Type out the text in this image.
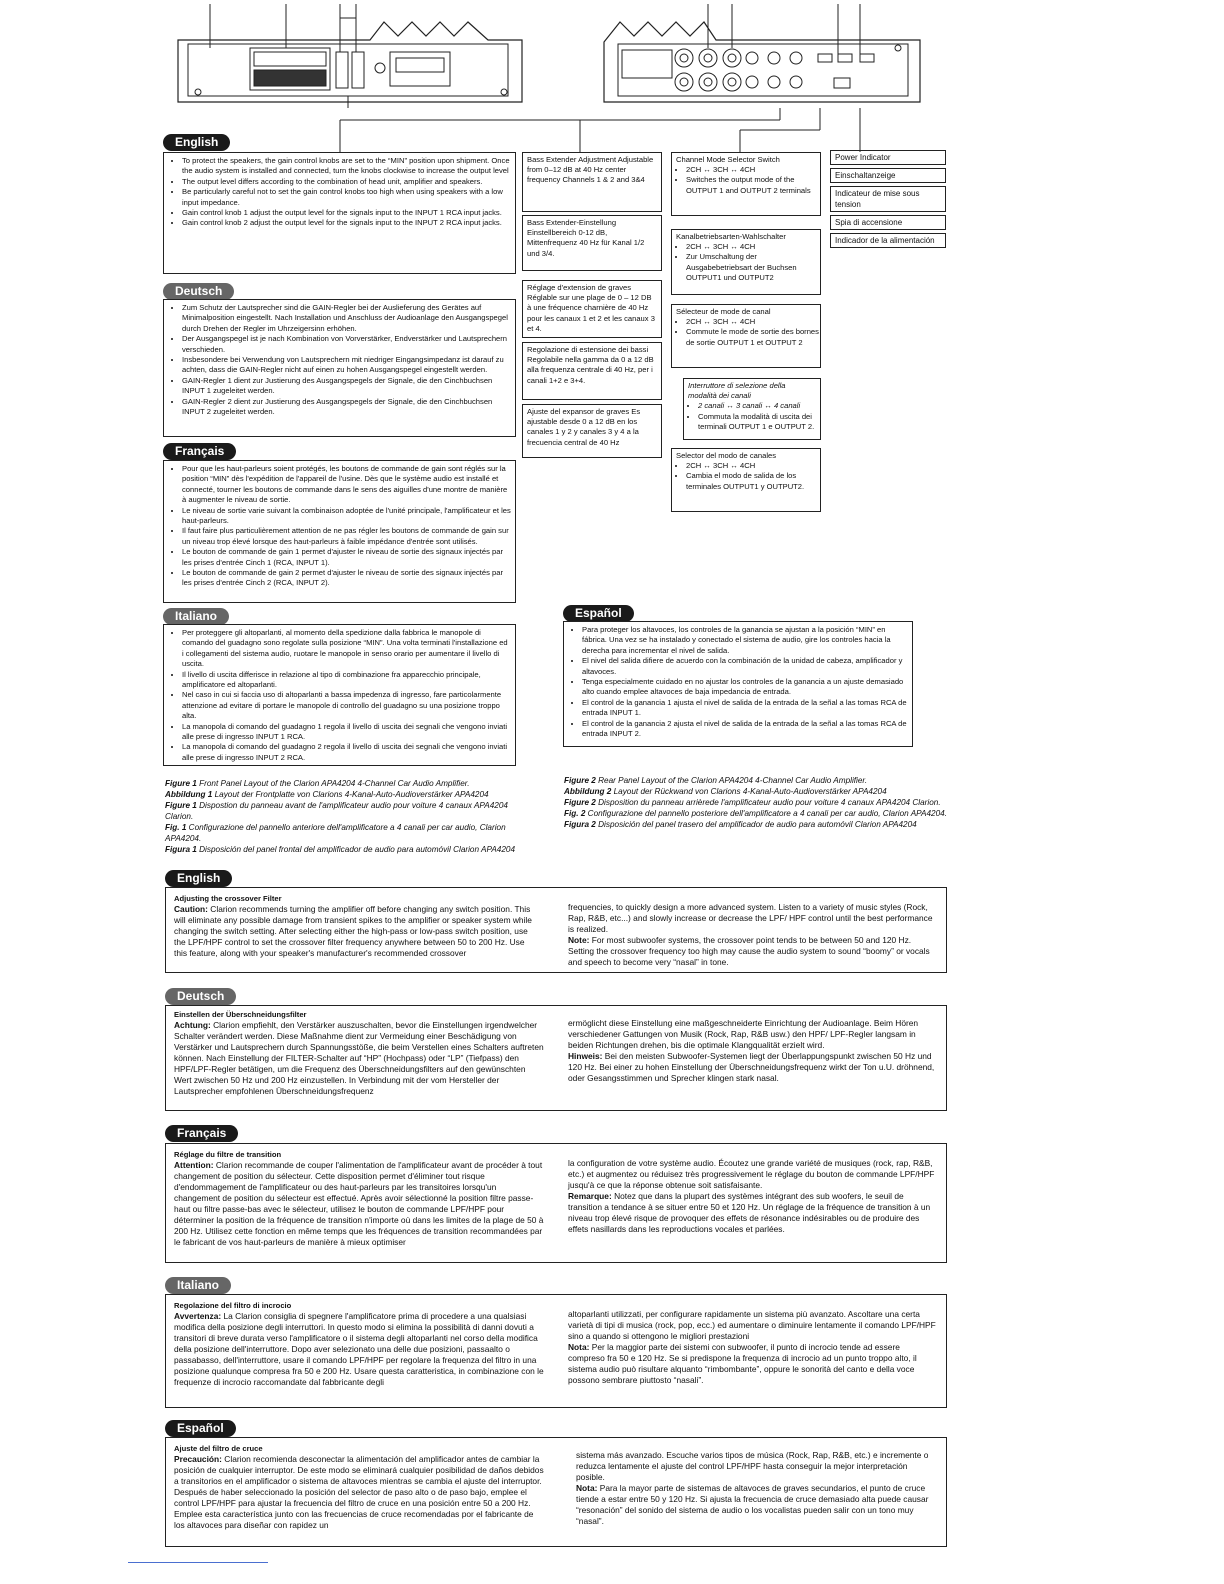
English
• To protect the speakers, the gain control knobs are set to the “MIN” position upon shipment. Once the audio system is installed and connected, turn the knobs clockwise to increase the output level
• The output level differs according to the combination of head unit, amplifier and speakers.
• Be particularly careful not to set the gain control knobs too high when using speakers with a low input impedance.
• Gain control knob 1 adjust the output level for the signals input to the INPUT 1 RCA input jacks.
• Gain control knob 2 adjust the output level for the signals input to the INPUT 2 RCA input jacks.
Deutsch
• Zum Schutz der Lautsprecher sind die GAIN-Regler bei der Auslieferung des Gerätes auf Minimalposition eingestellt. Nach Installation und Anschluss der Audioanlage den Ausgangspegel durch Drehen der Regler im Uhrzeigersinn erhöhen.
• Der Ausgangspegel ist je nach Kombination von Vorverstärker, Endverstärker und Lautsprechern verschieden.
• Insbesondere bei Verwendung von Lautsprechern mit niedriger Eingangsimpedanz ist darauf zu achten, dass die GAIN-Regler nicht auf einen zu hohen Ausgangspegel eingestellt werden.
• GAIN-Regler 1 dient zur Justierung des Ausgangspegels der Signale, die den Cinchbuchsen INPUT 1 zugeleitet werden.
• GAIN-Regler 2 dient zur Justierung des Ausgangspegels der Signale, die den Cinchbuchsen INPUT 2 zugeleitet werden.
Français
• Pour que les haut-parleurs soient protégés, les boutons de commande de gain sont réglés sur la position “MIN” dès l'expédition de l'appareil de l'usine. Dès que le système audio est installé et connecté, tourner les boutons de commande dans le sens des aiguilles d'une montre de manière à augmenter le niveau de sortie.
• Le niveau de sortie varie suivant la combinaison adoptée de l'unité principale, l'amplificateur et les haut-parleurs.
• Il faut faire plus particulièrement attention de ne pas régler les boutons de commande de gain sur un niveau trop élevé lorsque des haut-parleurs à faible impédance d'entrée sont utilisés.
• Le bouton de commande de gain 1 permet d'ajuster le niveau de sortie des signaux injectés par les prises d'entrée Cinch 1 (RCA, INPUT 1).
• Le bouton de commande de gain 2 permet d'ajuster le niveau de sortie des signaux injectés par les prises d'entrée Cinch 2 (RCA, INPUT 2).
Italiano
• Per proteggere gli altoparlanti, al momento della spedizione dalla fabbrica le manopole di comando del guadagno sono regolate sulla posizione “MIN”. Una volta terminati l'installazione ed i collegamenti del sistema audio, ruotare le manopole in senso orario per aumentare il livello di uscita.
• Il livello di uscita differisce in relazione al tipo di combinazione fra apparecchio principale, amplificatore ed altoparlanti.
• Nel caso in cui si faccia uso di altoparlanti a bassa impedenza di ingresso, fare particolarmente attenzione ad evitare di portare le manopole di controllo del guadagno su una posizione troppo alta.
• La manopola di comando del guadagno 1 regola il livello di uscita dei segnali che vengono inviati alle prese di ingresso INPUT 1 RCA.
• La manopola di comando del guadagno 2 regola il livello di uscita dei segnali che vengono inviati alle prese di ingresso INPUT 2 RCA.
Español
• Para proteger los altavoces, los controles de la ganancia se ajustan a la posición “MIN” en fábrica. Una vez se ha instalado y conectado el sistema de audio, gire los controles hacia la derecha para incrementar el nivel de salida.
• El nivel del salida difiere de acuerdo con la combinación de la unidad de cabeza, amplificador y altavoces.
• Tenga especialmente cuidado en no ajustar los controles de la ganancia a un ajuste demasiado alto cuando emplee altavoces de baja impedancia de entrada.
• El control de la ganancia 1 ajusta el nivel de salida de la entrada de la señal a las tomas RCA de entrada INPUT 1.
• El control de la ganancia 2 ajusta el nivel de salida de la entrada de la señal a las tomas RCA de entrada INPUT 2.
Bass Extender Adjustment Adjustable from 0–12 dB at 40 Hz center frequency Channels 1 & 2 and 3&4
Bass Extender-Einstellung Einstellbereich 0-12 dB, Mittenfrequenz 40 Hz für Kanal 1/2 und 3/4.
Réglage d'extension de graves Réglable sur une plage de 0 – 12 DB à une fréquence charnière de 40 Hz pour les canaux 1 et 2 et les canaux 3 et 4.
Regolazione di estensione dei bassi Regolabile nella gamma da 0 a 12 dB alla frequenza centrale di 40 Hz, per i canali 1+2 e 3+4.
Ajuste del expansor de graves Es ajustable desde 0 a 12 dB en los canales 1 y 2 y canales 3 y 4 a la frecuencia central de 40 Hz
Channel Mode Selector Switch
• 2CH ↔ 3CH ↔ 4CH
• Switches the output mode of the OUTPUT 1 and OUTPUT 2 terminals
Kanalbetriebsarten-Wahlschalter
• 2CH ↔ 3CH ↔ 4CH
• Zur Umschaltung der Ausgabebetriebsart der Buchsen OUTPUT1 und OUTPUT2
Sélecteur de mode de canal
• 2CH ↔ 3CH ↔ 4CH
• Commute le mode de sortie des bornes de sortie OUTPUT 1 et OUTPUT 2
Interruttore di selezione della modalità dei canali
• 2 canali ↔ 3 canali ↔ 4 canali
• Commuta la modalità di uscita dei terminali OUTPUT 1 e OUTPUT 2.
Selector del modo de canales
• 2CH ↔ 3CH ↔ 4CH
• Cambia el modo de salida de los terminales OUTPUT1 y OUTPUT2.
Power Indicator
Einschaltanzeige
Indicateur de mise sous tension
Spia di accensione
Indicador de la alimentación
Figure 1 Front Panel Layout of the Clarion APA4204 4-Channel Car Audio Amplifier.
Abbildung 1 Layout der Frontplatte von Clarions 4-Kanal-Auto-Audioverstärker APA4204
Figure 1 Dispostion du panneau avant de l'amplificateur audio pour voiture 4 canaux APA4204 Clarion.
Fig. 1 Configurazione del pannello anteriore dell'amplificatore a 4 canali per car audio, Clarion APA4204.
Figura 1 Disposición del panel frontal del amplificador de audio para automóvil Clarion APA4204
Figure 2 Rear Panel Layout of the Clarion APA4204 4-Channel Car Audio Amplifier.
Abbildung 2 Layout der Rückwand von Clarions 4-Kanal-Auto-Audioverstärker APA4204
Figure 2 Disposition du panneau arrièrede l'amplificateur audio pour voiture 4 canaux APA4204 Clarion.
Fig. 2 Configurazione del pannello posteriore dell'amplificatore a 4 canali per car audio, Clarion APA4204.
Figura 2 Disposición del panel trasero del amplificador de audio para automóvil Clarion APA4204
English
Adjusting the crossover Filter
Caution: Clarion recommends turning the amplifier off before changing any switch position. This will eliminate any possible damage from transient spikes to the amplifier or speaker system while changing the switch setting. After selecting either the high-pass or low-pass switch position, use the LPF/HPF control to set the crossover filter frequency anywhere between 50 to 200 Hz. Use this feature, along with your speaker's manufacturer's recommended crossover
frequencies, to quickly design a more advanced system. Listen to a variety of music styles (Rock, Rap, R&B, etc...) and slowly increase or decrease the LPF/ HPF control until the best performance is realized.
Note: For most subwoofer systems, the crossover point tends to be between 50 and 120 Hz. Setting the crossover frequency too high may cause the audio system to sound “boomy” or vocals and speech to become very “nasal” in tone.
Deutsch
Einstellen der Überschneidungsfilter
Achtung: Clarion empfiehlt, den Verstärker auszuschalten, bevor die Einstellungen irgendwelcher Schalter verändert werden. Diese Maßnahme dient zur Vermeidung einer Beschädigung von Verstärker und Lautsprechern durch Spannungsstöße, die beim Verstellen eines Schalters auftreten können. Nach Einstellung der FILTER-Schalter auf “HP” (Hochpass) oder “LP” (Tiefpass) den HPF/LPF-Regler betätigen, um die Frequenz des Überschneidungsfilters auf den gewünschten Wert zwischen 50 Hz und 200 Hz einzustellen. In Verbindung mit der vom Hersteller der Lautsprecher empfohlenen Überschneidungsfrequenz
ermöglicht diese Einstellung eine maßgeschneiderte Einrichtung der Audioanlage. Beim Hören verschiedener Gattungen von Musik (Rock, Rap, R&B usw.) den HPF/ LPF-Regler langsam in beiden Richtungen drehen, bis die optimale Klangqualität erzielt wird.
Hinweis: Bei den meisten Subwoofer-Systemen liegt der Überlappungspunkt zwischen 50 Hz und 120 Hz. Bei einer zu hohen Einstellung der Überschneidungsfrequenz wirkt der Ton u.U. dröhnend, oder Gesangsstimmen und Sprecher klingen stark nasal.
Français
Réglage du filtre de transition
Attention: Clarion recommande de couper l'alimentation de l'amplificateur avant de procéder à tout changement de position du sélecteur. Cette disposition permet d'éliminer tout risque d'endommagement de l'amplificateur ou des haut-parleurs par les transitoires lorsqu'un changement de position du sélecteur est effectué. Après avoir sélectionné la position filtre passe-haut ou filtre passe-bas avec le sélecteur, utilisez le bouton de commande LPF/HPF pour déterminer la position de la fréquence de transition n'importe où dans les limites de la plage de 50 à 200 Hz. Utilisez cette fonction en même temps que les fréquences de transition recommandées par le fabricant de vos haut-parleurs de manière à mieux optimiser
la configuration de votre système audio. Écoutez une grande variété de musiques (rock, rap, R&B, etc.) et augmentez ou réduisez très progressivement le réglage du bouton de commande LPF/HPF jusqu'à ce que la réponse obtenue soit satisfaisante.
Remarque: Notez que dans la plupart des systèmes intégrant des sub woofers, le seuil de transition a tendance à se situer entre 50 et 120 Hz. Un réglage de la fréquence de transition à un niveau trop élevé risque de provoquer des effets de résonance indésirables ou de produire des effets nasillards dans les reproductions vocales et parlées.
Italiano
Regolazione del filtro di incrocio
Avvertenza: La Clarion consiglia di spegnere l'amplificatore prima di procedere a una qualsiasi modifica della posizione degli interruttori. In questo modo si elimina la possibilità di danni dovuti a transitori di breve durata verso l'amplificatore o il sistema degli altoparlanti nel corso della modifica della posizione dell'interruttore. Dopo aver selezionato una delle due posizioni, passaalto o passabasso, dell'interruttore, usare il comando LPF/HPF per regolare la frequenza del filtro in una posizione qualunque compresa fra 50 e 200 Hz. Usare questa caratteristica, in combinazione con le frequenze di incrocio raccomandate dal fabbricante degli
altoparlanti utilizzati, per configurare rapidamente un sistema più avanzato. Ascoltare una certa varietà di tipi di musica (rock, pop, ecc.) ed aumentare o diminuire lentamente il comando LPF/HPF sino a quando si ottengono le migliori prestazioni
Nota: Per la maggior parte dei sistemi con subwoofer, il punto di incrocio tende ad essere compreso fra 50 e 120 Hz. Se si predispone la frequenza di incrocio ad un punto troppo alto, il sistema audio può risultare alquanto “rimbombante”, oppure le sonorità del canto e della voce possono sembrare piuttosto “nasali”.
Español
Ajuste del filtro de cruce
Precaución: Clarion recomienda desconectar la alimentación del amplificador antes de cambiar la posición de cualquier interruptor. De este modo se eliminará cualquier posibilidad de daños debidos a transitorios en el amplificador o sistema de altavoces mientras se cambia el ajuste del interruptor. Después de haber seleccionado la posición del selector de paso alto o de paso bajo, emplee el control LPF/HPF para ajustar la frecuencia del filtro de cruce en una posición entre 50 a 200 Hz. Emplee esta característica junto con las frecuencias de cruce recomendadas por el fabricante de los altavoces para diseñar con rapidez un
sistema más avanzado. Escuche varios tipos de música (Rock, Rap, R&B, etc.) e incremente o reduzca lentamente el ajuste del control LPF/HPF hasta conseguir la mejor interpretación posible.
Nota: Para la mayor parte de sistemas de altavoces de graves secundarios, el punto de cruce tiende a estar entre 50 y 120 Hz. Si ajusta la frecuencia de cruce demasiado alta puede causar “resonación” del sonido del sistema de audio o los vocalistas pueden salir con un tono muy “nasal”.
